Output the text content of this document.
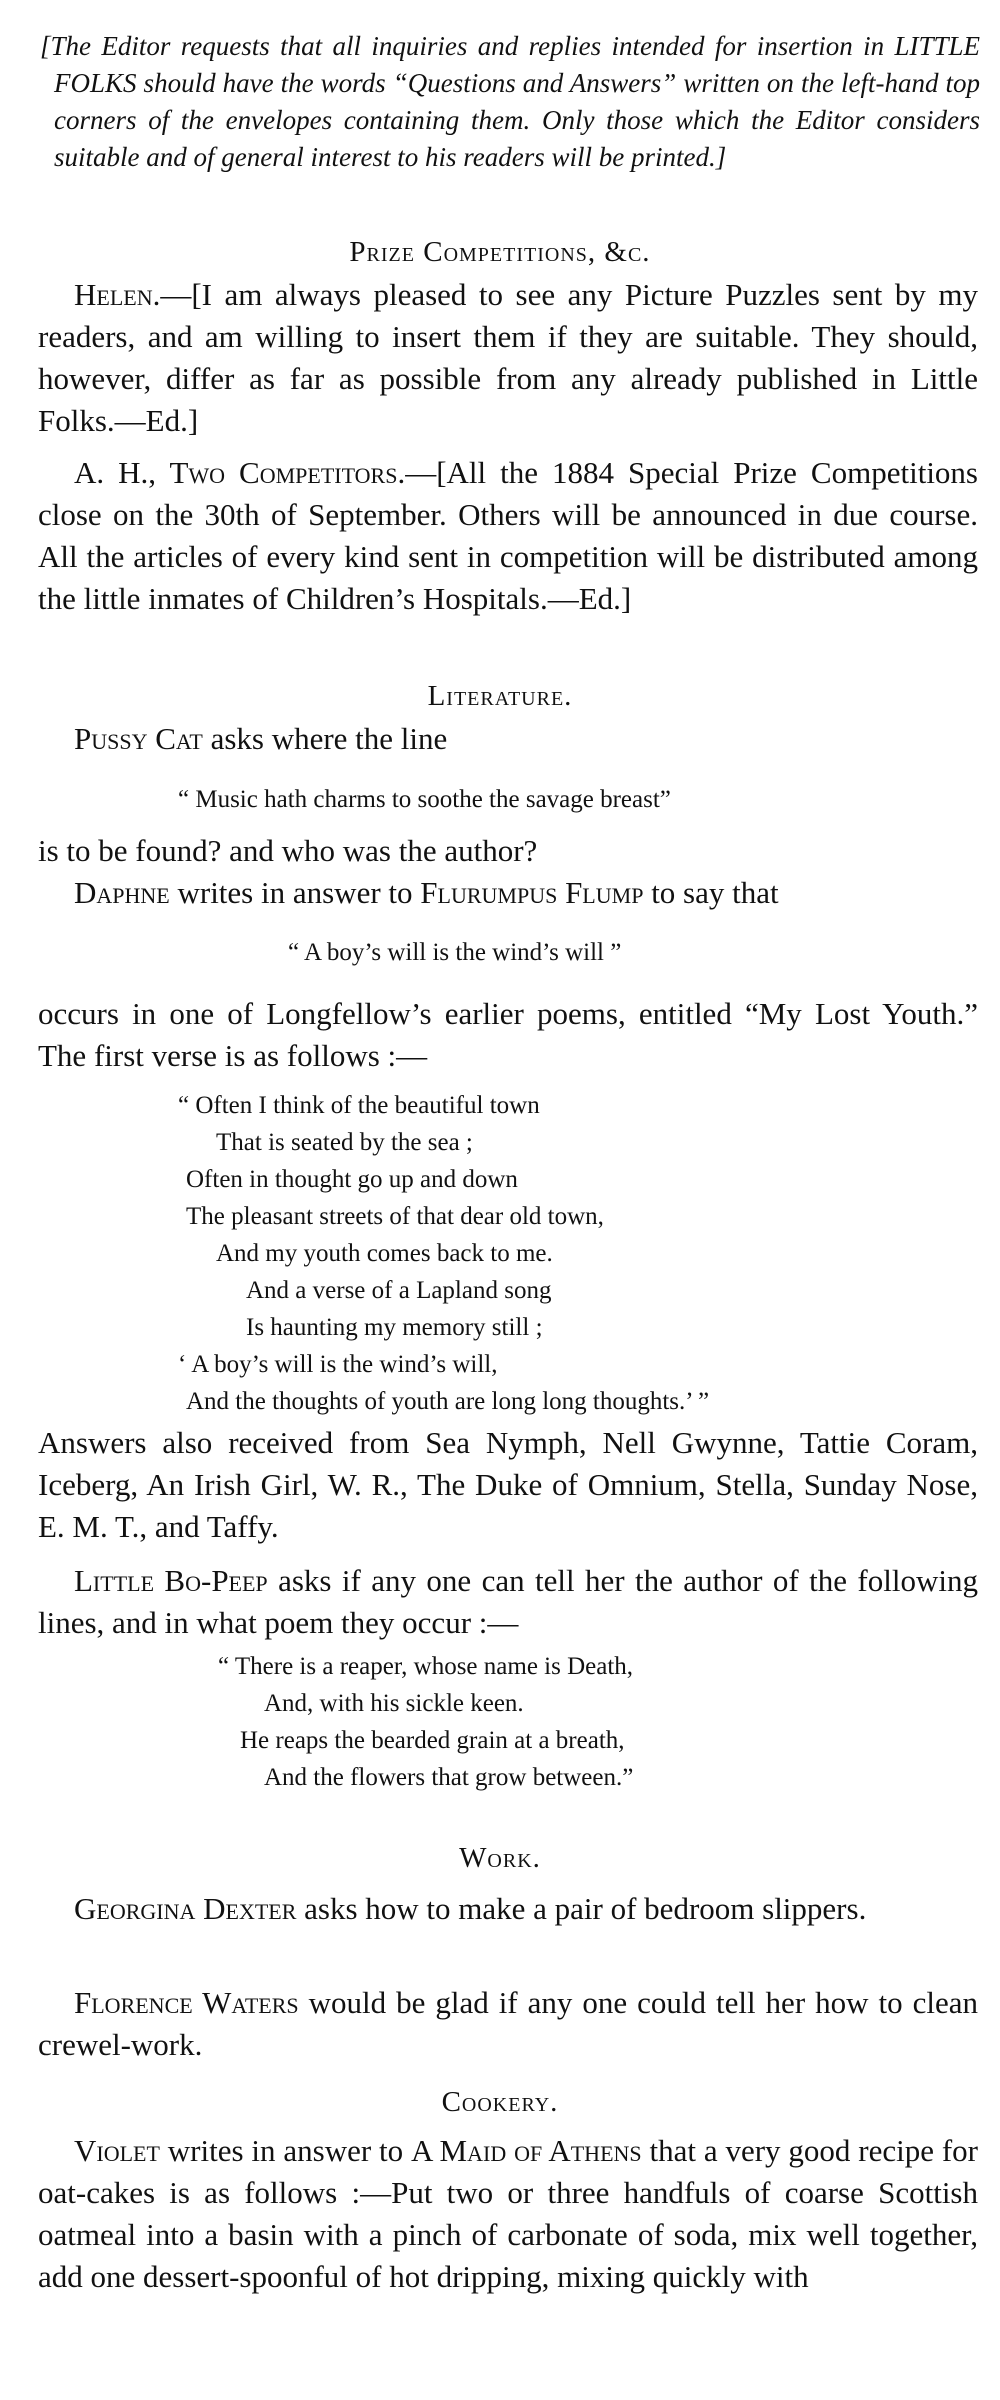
[The Editor requests that all inquiries and replies intended for insertion in LITTLE FOLKS should have the words “Questions and Answers” written on the left-hand top corners of the envelopes containing them. Only those which the Editor considers suitable and of general interest to his readers will be printed.]
Prize Competitions, &c.
Helen.—[I am always pleased to see any Picture Puzzles sent by my readers, and am willing to insert them if they are suitable. They should, however, differ as far as possible from any already published in Little Folks.—Ed.]
A. H., Two Competitors.—[All the 1884 Special Prize Competitions close on the 30th of September. Others will be announced in due course. All the articles of every kind sent in competition will be distributed among the little inmates of Children’s Hospitals.—Ed.]
Literature.
Pussy Cat asks where the line
“ Music hath charms to soothe the savage breast”
is to be found? and who was the author?
Daphne writes in answer to Flurumpus Flump to say that
“ A boy’s will is the wind’s will ”
occurs in one of Longfellow’s earlier poems, entitled “My Lost Youth.” The first verse is as follows :—
“ Often I think of the beautiful town
That is seated by the sea ;
Often in thought go up and down
The pleasant streets of that dear old town,
And my youth comes back to me.
And a verse of a Lapland song
Is haunting my memory still ;
‘ A boy’s will is the wind’s will,
And the thoughts of youth are long long thoughts.’ ”
Answers also received from Sea Nymph, Nell Gwynne, Tattie Coram, Iceberg, An Irish Girl, W. R., The Duke of Omnium, Stella, Sunday Nose, E. M. T., and Taffy.
Little Bo-Peep asks if any one can tell her the author of the following lines, and in what poem they occur :—
“ There is a reaper, whose name is Death,
And, with his sickle keen.
He reaps the bearded grain at a breath,
And the flowers that grow between.”
Work.
Georgina Dexter asks how to make a pair of bedroom slippers.
Florence Waters would be glad if any one could tell her how to clean crewel-work.
Cookery.
Violet writes in answer to A Maid of Athens that a very good recipe for oat-cakes is as follows :—Put two or three handfuls of coarse Scottish oatmeal into a basin with a pinch of carbonate of soda, mix well together, add one dessert-spoonful of hot dripping, mixing quickly with
